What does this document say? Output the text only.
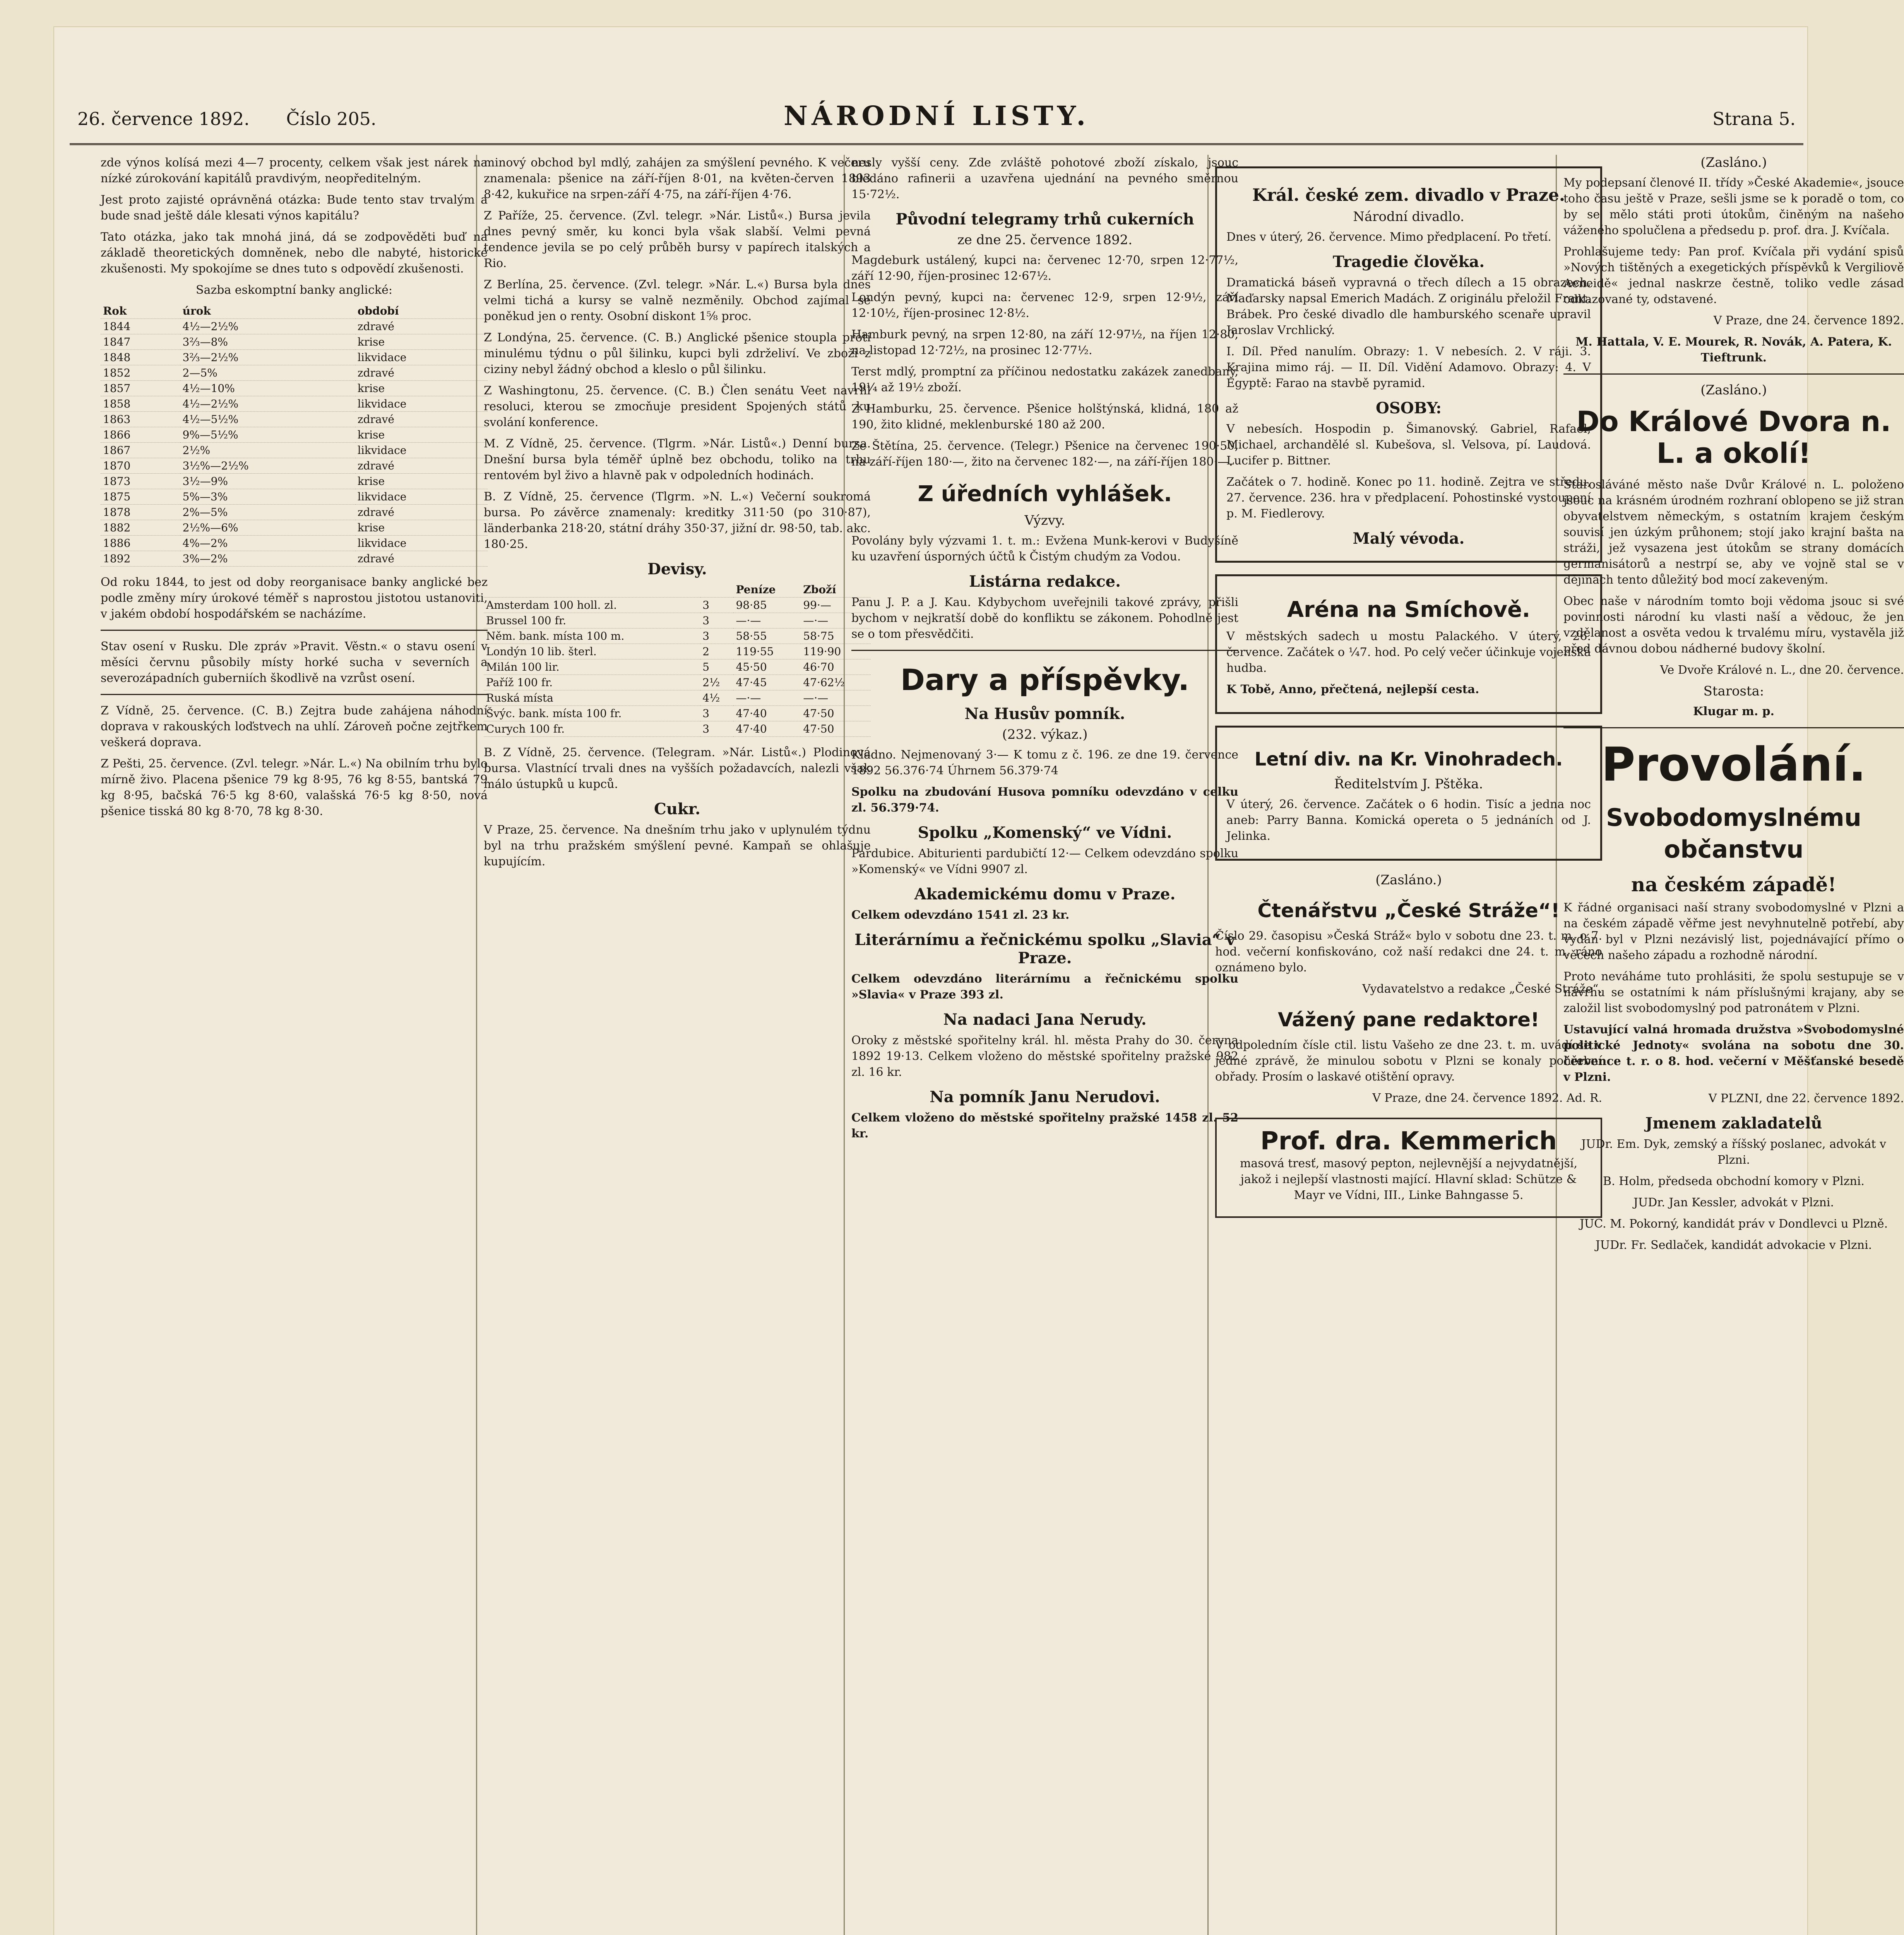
26. července 1892. Číslo 205.	NÁRODNÍ LISTY.	Strana 5.

zde výnos kolísá mezi 4—7 procenty, celkem však jest nárek na nízké zúrokování kapitálů pravdivým, neopředitelným.

Jest proto zajisté oprávněná otázka: Bude tento stav trvalým a bude snad ještě dále klesati výnos kapitálu?

Tato otázka, jako tak mnohá jiná, dá se zodpověděti buď na základě theoretických domněnek, nebo dle nabyté, historické zkušenosti. My spokojíme se dnes tuto s odpovědí zkušenosti.

Sazba eskomptní banky anglické:

Rok	úrok	období
1844	4½—2½%	zdravé
1847	3⅔—8%	krise
1848	3⅔—2½%	likvidace
1852	2—5%	zdravé
1857	4½—10%	krise
1858	4½—2½%	likvidace
1863	4½—5½%	zdravé
1866	9%—5½%	krise
1867	2½%	likvidace
1870	3½%—2½%	zdravé
1873	3½—9%	krise
1875	5%—3%	likvidace
1878	2%—5%	zdravé
1882	2½%—6%	krise
1886	4%—2%	likvidace
1892	3%—2%	zdravé

Od roku 1844, to jest od doby reorganisace banky anglické bez podle změny míry úrokové téměř s naprostou jistotou ustanoviti, v jakém období hospodářském se nacházíme.

Stav osení v Rusku. Dle zpráv »Pravit. Věstn.« o stavu osení v měsíci červnu působily místy horké sucha v severních a severozápadních guberniích škodlivě na vzrůst osení.

Z Vídně, 25. července. (C. B.) Zejtra bude zahájena náhodní doprava v rakouských loďstvech na uhlí. Zároveň počne zejtřkem veškerá doprava.

Z Pešti, 25. července. (Zvl. telegr. »Nár. L.«) Na obilním trhu bylo mírně živo. Placena pšenice 79 kg 8·95, 76 kg 8·55, bantská 79 kg 8·95, bačská 76·5 kg 8·60, valašská 76·5 kg 8·50, nová pšenice tisská 80 kg 8·70, 78 kg 8·30.

minový obchod byl mdlý, zahájen za smýšlení pevného. K večeru znamenala: pšenice na září-říjen 8·01, na květen-červen 1893 8·42, kukuřice na srpen-září 4·75, na září-říjen 4·76.

Z Paříže, 25. července. (Zvl. telegr. »Nár. Listů«.) Bursa jevila dnes pevný směr, ku konci byla však slabší. Velmi pevná tendence jevila se po celý průběh bursy v papírech italských a Rio.

Z Berlína, 25. července. (Zvl. telegr. »Nár. L.«) Bursa byla dnes velmi tichá a kursy se valně nezměnily. Obchod zajímal se poněkud jen o renty. Osobní diskont 1⅝ proc.

Z Londýna, 25. července. (C. B.) Anglické pšenice stoupla proti minulému týdnu o půl šilinku, kupci byli zdrželiví. Ve zboží z ciziny nebyl žádný obchod a kleslo o půl šilinku.

Z Washingtonu, 25. července. (C. B.) Člen senátu Veet navrhl resoluci, kterou se zmocňuje president Spojených států ku svolání konference.

M. Z Vídně, 25. července. (Tlgrm. »Nár. Listů«.) Denní bursa. Dnešní bursa byla téměř úplně bez obchodu, toliko na trhu rentovém byl živo a hlavně pak v odpoledních hodinách.

B. Z Vídně, 25. července (Tlgrm. »N. L.«) Večerní soukromá bursa. Po závěrce znamenaly: kreditky 311·50 (po 310·87), länderbanka 218·20, státní dráhy 350·37, jižní dr. 98·50, tab. akc. 180·25.

Devisy.
		Peníze	Zboží
Amsterdam 100 holl. zl.	3	98·85	99·—
Brussel 100 fr.	3	—·—	—·—
Něm. bank. místa 100 m.	3	58·55	58·75
Londýn 10 lib. šterl.	2	119·55	119·90
Milán 100 lir.	5	45·50	46·70
Paříž 100 fr.	2½	47·45	47·62½
Ruská místa	4½	—·—	—·—
Švýc. bank. místa 100 fr.	3	47·40	47·50
Curych 100 fr.	3	47·40	47·50

B. Z Vídně, 25. července. (Telegram. »Nár. Listů«.) Plodinová bursa. Vlastnící trvali dnes na vyšších požadavcích, nalezli však málo ústupků u kupců.

Cukr.

V Praze, 25. července. Na dnešním trhu jako v uplynulém týdnu byl na trhu pražském smýšlení pevné. Kampaň se ohlašuje kupujícím.

nesly vyšší ceny. Zde zvláště pohotové zboží získalo, jsouc bledáno rafinerii a uzavřena ujednání na pevného směrnou 15·72½.

Původní telegramy trhů cukerních
ze dne 25. července 1892.

Magdeburk ustálený, kupci na: červenec 12·70, srpen 12·77½, září 12·90, říjen-prosinec 12·67½.

Londýn pevný, kupci na: červenec 12·9, srpen 12·9½, září 12·10½, říjen-prosinec 12·8½.

Hamburk pevný, na srpen 12·80, na září 12·97½, na říjen 12·80, na listopad 12·72½, na prosinec 12·77½.

Terst mdlý, promptní za příčinou nedostatku zakázek zanedbaný, 19¼ až 19½ zboží.

Z Hamburku, 25. července. Pšenice holštýnská, klidná, 180 až 190, žito klidné, meklenburské 180 až 200.

Ze Štětína, 25. července. (Telegr.) Pšenice na červenec 190·50, na září-říjen 180·—, žito na červenec 182·—, na září-říjen 180·—.

Z úředních vyhlášek.
Výzvy.

Povolány byly výzvami 1. t. m.: Evžena Munk-kerovi v Budyšíně ku uzavření úsporných účtů k Čistým chudým za Vodou.

Listárna redakce.

Panu J. P. a J. Kau. Kdybychom uveřejnili takové zprávy, přišli bychom v nejkratší době do konfliktu se zákonem. Pohodlně jest se o tom přesvědčiti.

Dary a příspěvky.
Na Husův pomník.
(232. výkaz.)

Kladno. Nejmenovaný 3·— K tomu z č. 196. ze dne 19. července 1892 56.376·74 Úhrnem 56.379·74

Spolku na zbudování Husova pomníku odevzdáno v celku zl. 56.379·74.

Spolku „Komenský“ ve Vídni.

Pardubice. Abiturienti pardubičtí 12·— Celkem odevzdáno spolku »Komenský« ve Vídni 9907 zl.

Akademickému domu v Praze.

Celkem odevzdáno 1541 zl. 23 kr.

Literárnímu a řečnickému spolku „Slavia“ v Praze.

Celkem odevzdáno literárnímu a řečnickému spolku »Slavia« v Praze 393 zl.

Na nadaci Jana Nerudy.

Oroky z městské spořitelny král. hl. města Prahy do 30. června 1892 19·13. Celkem vloženo do městské spořitelny pražské 982 zl. 16 kr.

Na pomník Janu Nerudovi.

Celkem vloženo do městské spořitelny pražské 1458 zl. 52 kr.

Král. české zem. divadlo v Praze.
Národní divadlo.

Dnes v úterý, 26. července. Mimo předplacení. Po třetí.

Tragedie člověka.

Dramatická báseň vypravná o třech dílech a 15 obrazech. Maďarsky napsal Emerich Madách. Z originálu přeložil Frant. Brábek. Pro české divadlo dle hamburského scenaře upravil Jaroslav Vrchlický.

I. Díl. Před nanulím. Obrazy: 1. V nebesích. 2. V ráji. 3. Krajina mimo ráj. — II. Díl. Vidění Adamovo. Obrazy: 4. V Egyptě: Farao na stavbě pyramid.

OSOBY:

V nebesích. Hospodin p. Šimanovský. Gabriel, Rafael, Michael, archandělé sl. Kubešova, sl. Velsova, pí. Laudová. Lucifer p. Bittner.

Začátek o 7. hodině. Konec po 11. hodině. Zejtra ve středu, 27. července. 236. hra v předplacení. Pohostinské vystoupení p. M. Fiedlerovy.

Malý vévoda.
Aréna na Smíchově.

V městských sadech u mostu Palackého. V úterý, 26. července. Začátek o ¼7. hod. Po celý večer účinkuje vojenská hudba.

K Tobě, Anno, přečtená, nejlepší cesta.

Letní div. na Kr. Vinohradech.
Ředitelstvím J. Pštěka.

V úterý, 26. července. Začátek o 6 hodin. Tisíc a jedna noc aneb: Parry Banna. Komická opereta o 5 jednáních od J. Jelinka.

(Zasláno.)
Čtenářstvu „České Stráže“!

Číslo 29. časopisu »Česká Stráž« bylo v sobotu dne 23. t. m. o 7. hod. večerní konfiskováno, což naší redakci dne 24. t. m. ráno oznámeno bylo.

Vydavatelstvo a redakce „České Stráže“.

Vážený pane redaktore!

V odpoledním čísle ctil. listu Vašeho ze dne 23. t. m. uvádí se v jedné zprávě, že minulou sobotu v Plzni se konaly pohřební obřady. Prosím o laskavé otištění opravy.

V Praze, dne 24. července 1892. Ad. R.

Prof. dra. Kemmerich

masová tresť, masový pepton, nejlevnější a nejvydatnější, jakož i nejlepší vlastnosti mající. Hlavní sklad: Schütze & Mayr ve Vídni, III., Linke Bahngasse 5.

(Zasláno.)

My podepsaní členové II. třídy »České Akademie«, jsouce toho času ještě v Praze, sešli jsme se k poradě o tom, co by se mělo státi proti útokům, činěným na našeho váženého spolučlena a předsedu p. prof. dra. J. Kvíčala.

Prohlašujeme tedy: Pan prof. Kvíčala při vydání spisů »Nových tištěných a exegetických příspěvků k Vergiliově Aeneidě« jednal naskrze čestně, toliko vedle zásad odkazované ty, odstavené.

V Praze, dne 24. července 1892.

M. Hattala, V. E. Mourek, R. Novák, A. Patera, K. Tieftrunk.

(Zasláno.)
Do Králové Dvora n. L. a okolí!

Starosláváné město naše Dvůr Králové n. L. položeno jsouc na krásném úrodném rozhraní oblopeno se již stran obyvatelstvem německým, s ostatním krajem českým souvisí jen úzkým průhonem; stojí jako krajní bašta na stráži, jež vysazena jest útokům se strany domácích germanisátorů a nestrpí se, aby ve vojně stal se v dějinách tento důležitý bod mocí zakeveným.

Obec naše v národním tomto boji vědoma jsouc si své povinnosti národní ku vlasti naší a vědouc, že jen vzdělanost a osvěta vedou k trvalému míru, vystavěla již před dávnou dobou nádherné budovy školní.

Ve Dvoře Králové n. L., dne 20. července.

Starosta:

Klugar m. p.

Provolání.
Svobodomyslnému občanstvu
na českém západě!

K řádné organisaci naší strany svobodomyslné v Plzni a na českém západě věřme jest nevyhnutelně potřebí, aby vydán byl v Plzni nezávislý list, pojednávající přímo o věcech našeho západu a rozhodně národní.

Proto neváháme tuto prohlásiti, že spolu sestupuje se v návrhu se ostatními k nám příslušnými krajany, aby se založil list svobodomyslný pod patronátem v Plzni.

Ustavující valná hromada družstva »Svobodomyslné politické Jednoty« svolána na sobotu dne 30. července t. r. o 8. hod. večerní v Měšťanské besedě v Plzni.

V PLZNI, dne 22. července 1892.

Jmenem zakladatelů

JUDr. Em. Dyk, zemský a říšský poslanec, advokát v Plzni.

B. Holm, předseda obchodní komory v Plzni.

JUDr. Jan Kessler, advokát v Plzni.

JUC. M. Pokorný, kandidát práv v Dondlevci u Plzně.

JUDr. Fr. Sedlaček, kandidát advokacie v Plzni.
